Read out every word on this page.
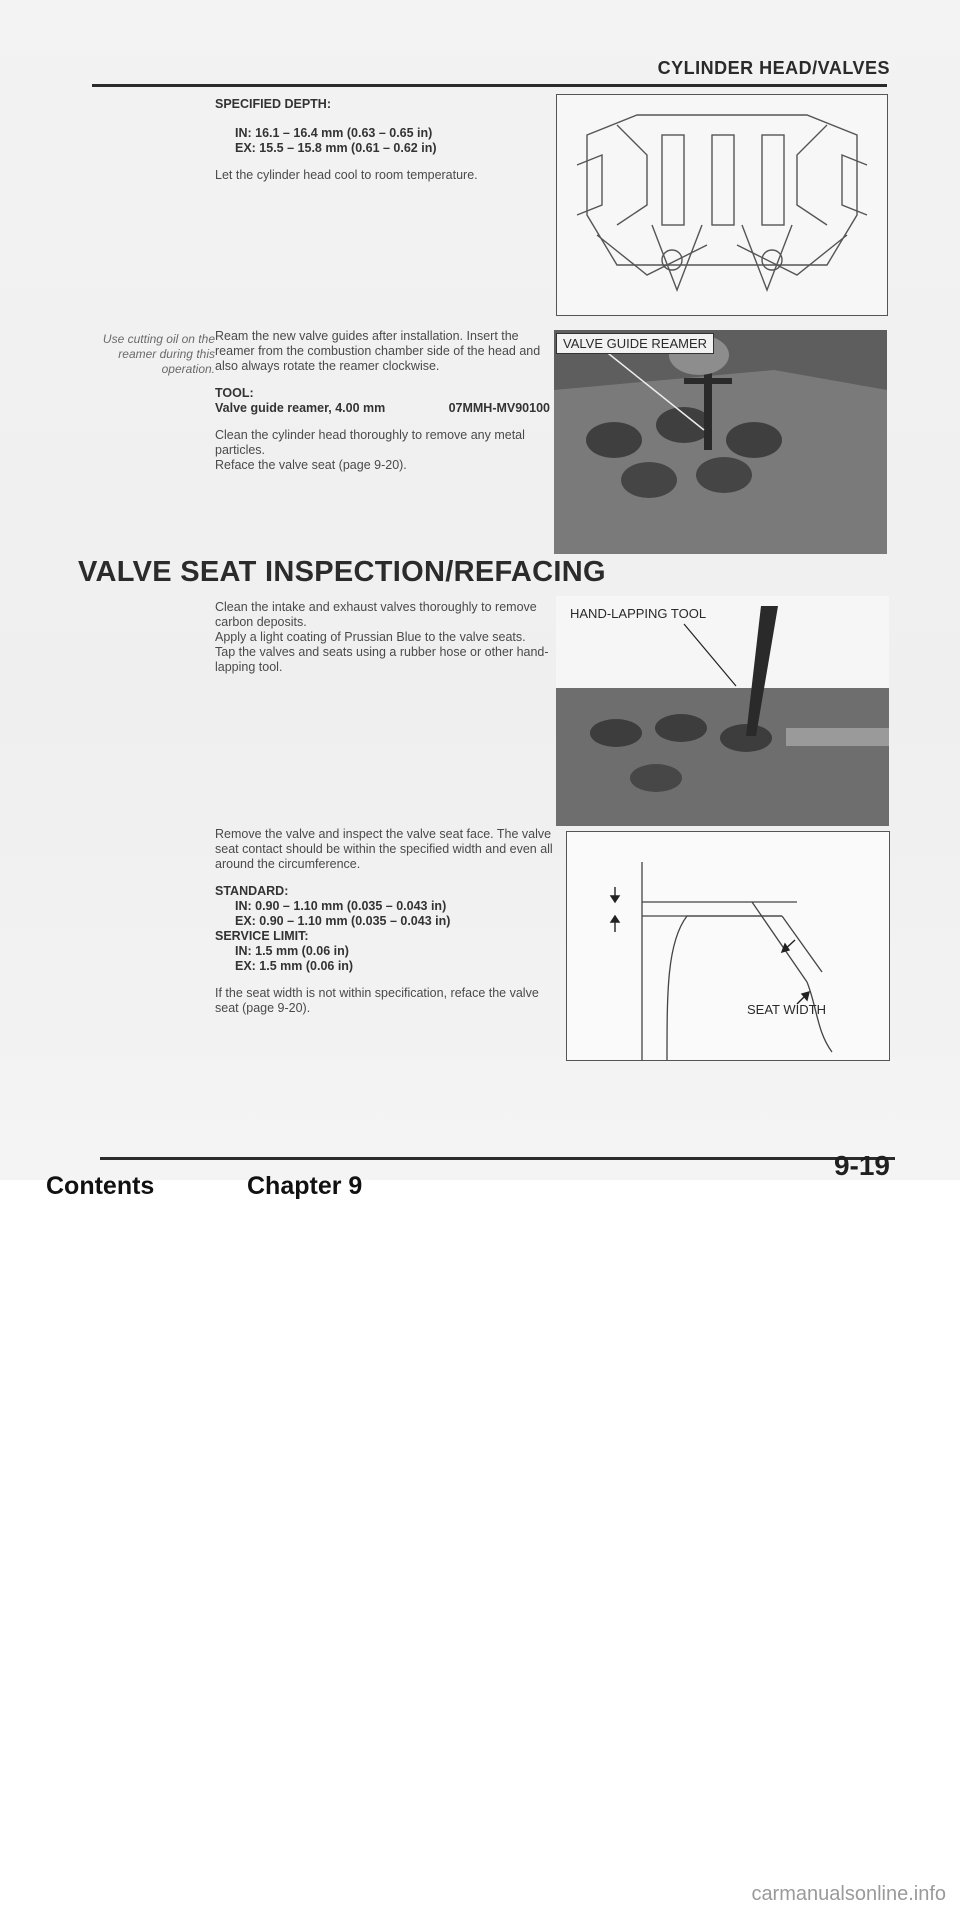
CYLINDER HEAD/VALVES
SPECIFIED DEPTH:
IN: 16.1 – 16.4 mm (0.63 – 0.65 in)
EX: 15.5 – 15.8 mm (0.61 – 0.62 in)
Let the cylinder head cool to room temperature.
Use cutting oil on the reamer during this operation.
Ream the new valve guides after installation. Insert the reamer from the combustion chamber side of the head and also always rotate the reamer clockwise.
TOOL:
Valve guide reamer, 4.00 mm	07MMH-MV90100
Clean the cylinder head thoroughly to remove any metal particles.
Reface the valve seat (page 9-20).
VALVE GUIDE REAMER
VALVE SEAT INSPECTION/REFACING
Clean the intake and exhaust valves thoroughly to remove carbon deposits.
Apply a light coating of Prussian Blue to the valve seats.
Tap the valves and seats using a rubber hose or other hand-lapping tool.
HAND-LAPPING TOOL
Remove the valve and inspect the valve seat face. The valve seat contact should be within the specified width and even all around the circumference.
STANDARD:
IN: 0.90 – 1.10 mm (0.035 – 0.043 in)
EX: 0.90 – 1.10 mm (0.035 – 0.043 in)
SERVICE LIMIT:
IN: 1.5 mm (0.06 in)
EX: 1.5 mm (0.06 in)
If the seat width is not within specification, reface the valve seat (page 9-20).	SEAT WIDTH
9-19
Contents	Chapter 9
carmanualsonline.info
